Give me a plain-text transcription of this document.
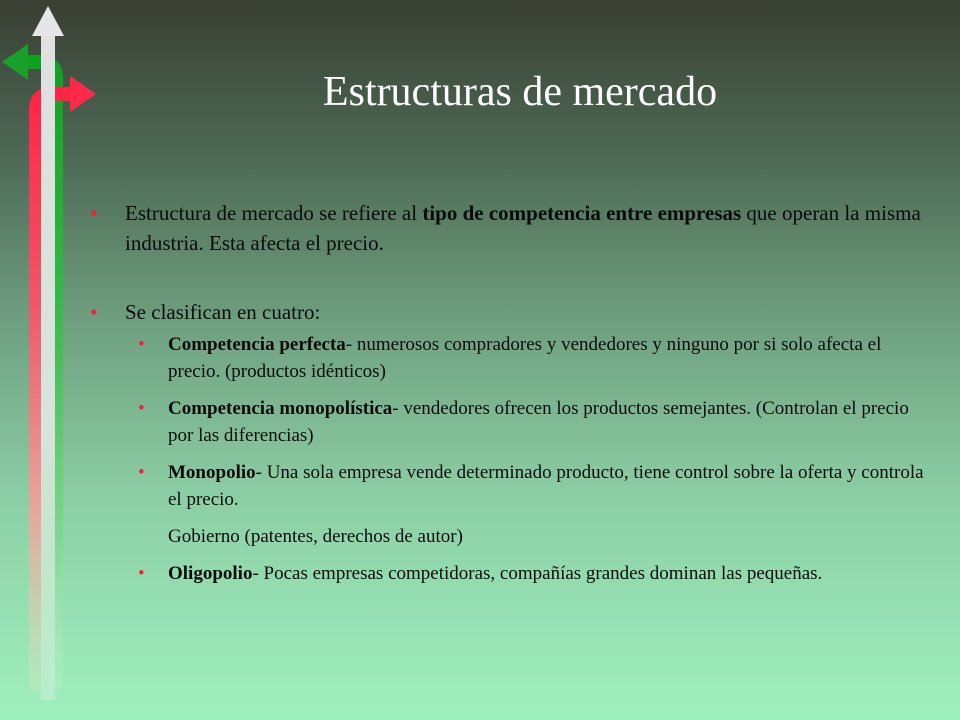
Estructuras de mercado
• Estructura de mercado se refiere al tipo de competencia entre empresas que operan la misma industria. Esta afecta el precio.
• Se clasifican en cuatro:
• Competencia perfecta- numerosos compradores y vendedores y ninguno por si solo afecta el precio. (productos idénticos)
• Competencia monopolística- vendedores ofrecen los productos semejantes. (Controlan el precio por las diferencias)
• Monopolio- Una sola empresa vende determinado producto, tiene control sobre la oferta y controla el precio.
Gobierno (patentes, derechos de autor)
• Oligopolio- Pocas empresas competidoras, compañías grandes dominan las pequeñas.
